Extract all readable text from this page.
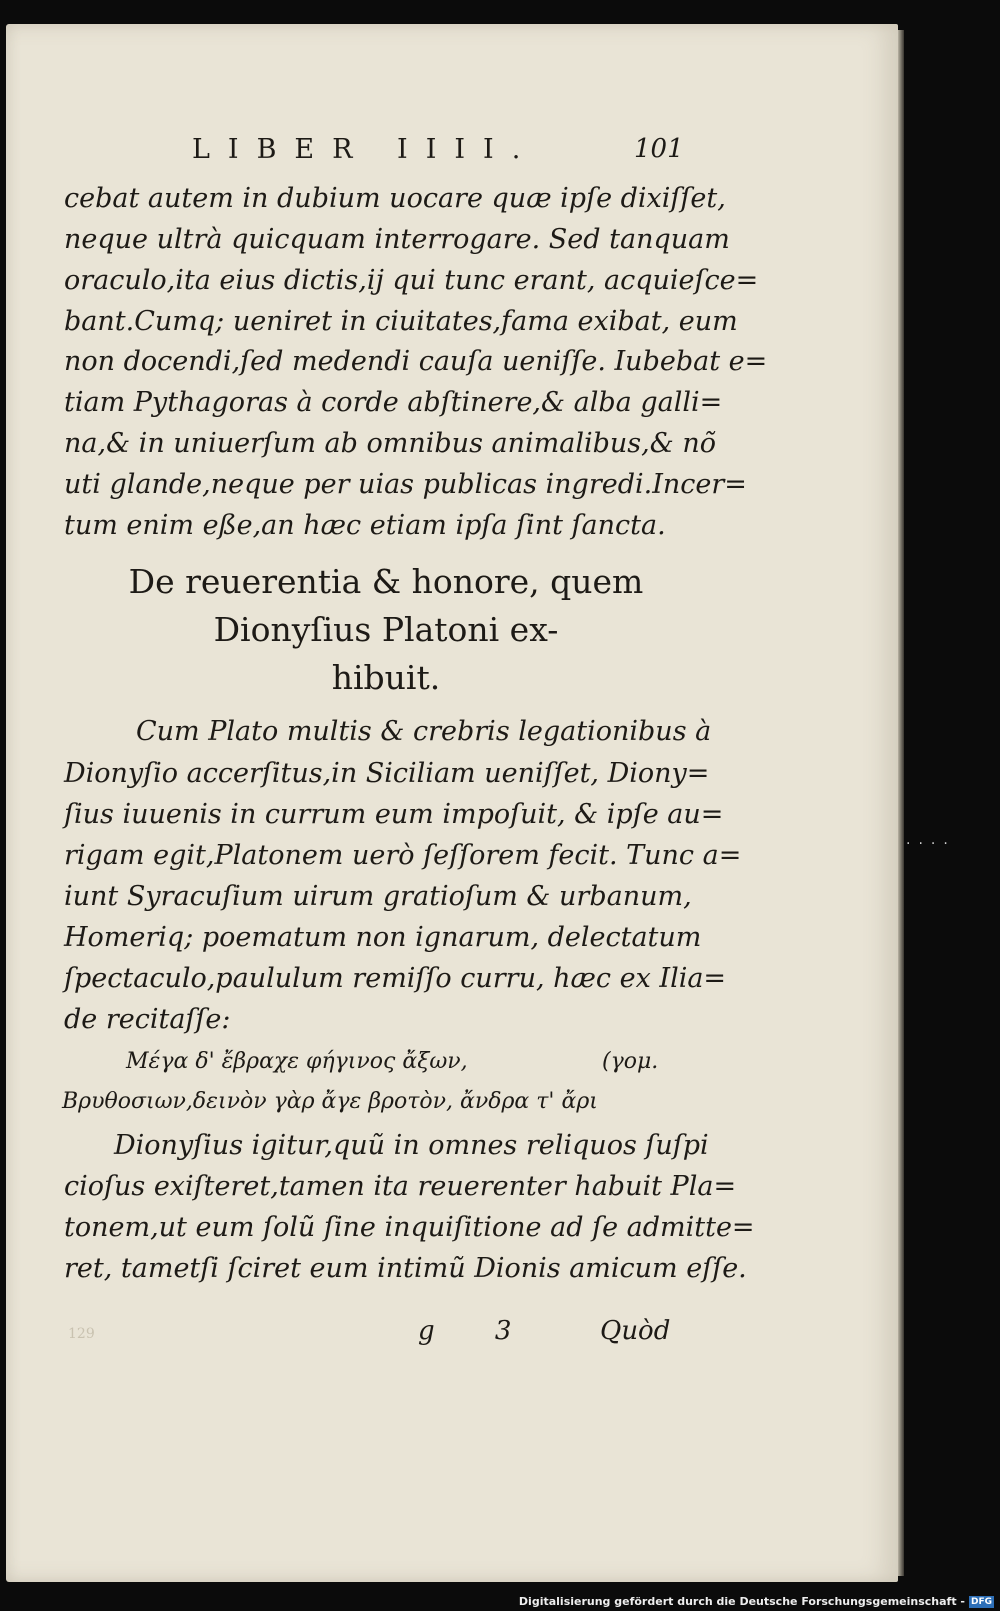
LIBER IIII.	101
cebat autem in dubium uocare quæ ipſe dixiſſet,
neque ultrà quicquam interrogare. Sed tanquam
oraculo,ita eius dictis,ij qui tunc erant, acquieſce=
bant.Cumq; ueniret in ciuitates,fama exibat, eum
non docendi,ſed medendi cauſa ueniſſe. Iubebat e=
tiam Pythagoras à corde abſtinere,& alba galli=
na,& in uniuerſum ab omnibus animalibus,& nõ
uti glande,neque per uias publicas ingredi.Incer=
tum enim eße,an hæc etiam ipſa ſint ſancta.
De reuerentia & honore, quem
Dionyſius Platoni ex-
hibuit.
Cum Plato multis & crebris legationibus à
Dionyſio accerſitus,in Siciliam ueniſſet, Diony=
ſius iuuenis in currum eum impoſuit, & ipſe au=
rigam egit,Platonem uerò ſeſſorem fecit. Tunc a=
iunt Syracuſium uirum gratioſum & urbanum,
Homeriq; poematum non ignarum, delectatum
ſpectaculo,paululum remiſſo curru, hæc ex Ilia=
de recitaſſe:
Μέγα δ' ἔβραχε φήγινος ἄξων,	(γομ.
Βρυθοσιων,δεινὸν γὰρ ἄγε βροτὸν, ἄνδρα τ' ἄρι
Dionyſius igitur,quũ in omnes reliquos ſuſpi
cioſus exiſteret,tamen ita reuerenter habuit Pla=
tonem,ut eum ſolũ ſine inquiſitione ad ſe admitte=
ret, tametſi ſciret eum intimũ Dionis amicum eſſe.
129	g 3 Quòd
....
Digitalisierung gefördert durch die Deutsche Forschungsgemeinschaft - DFG
